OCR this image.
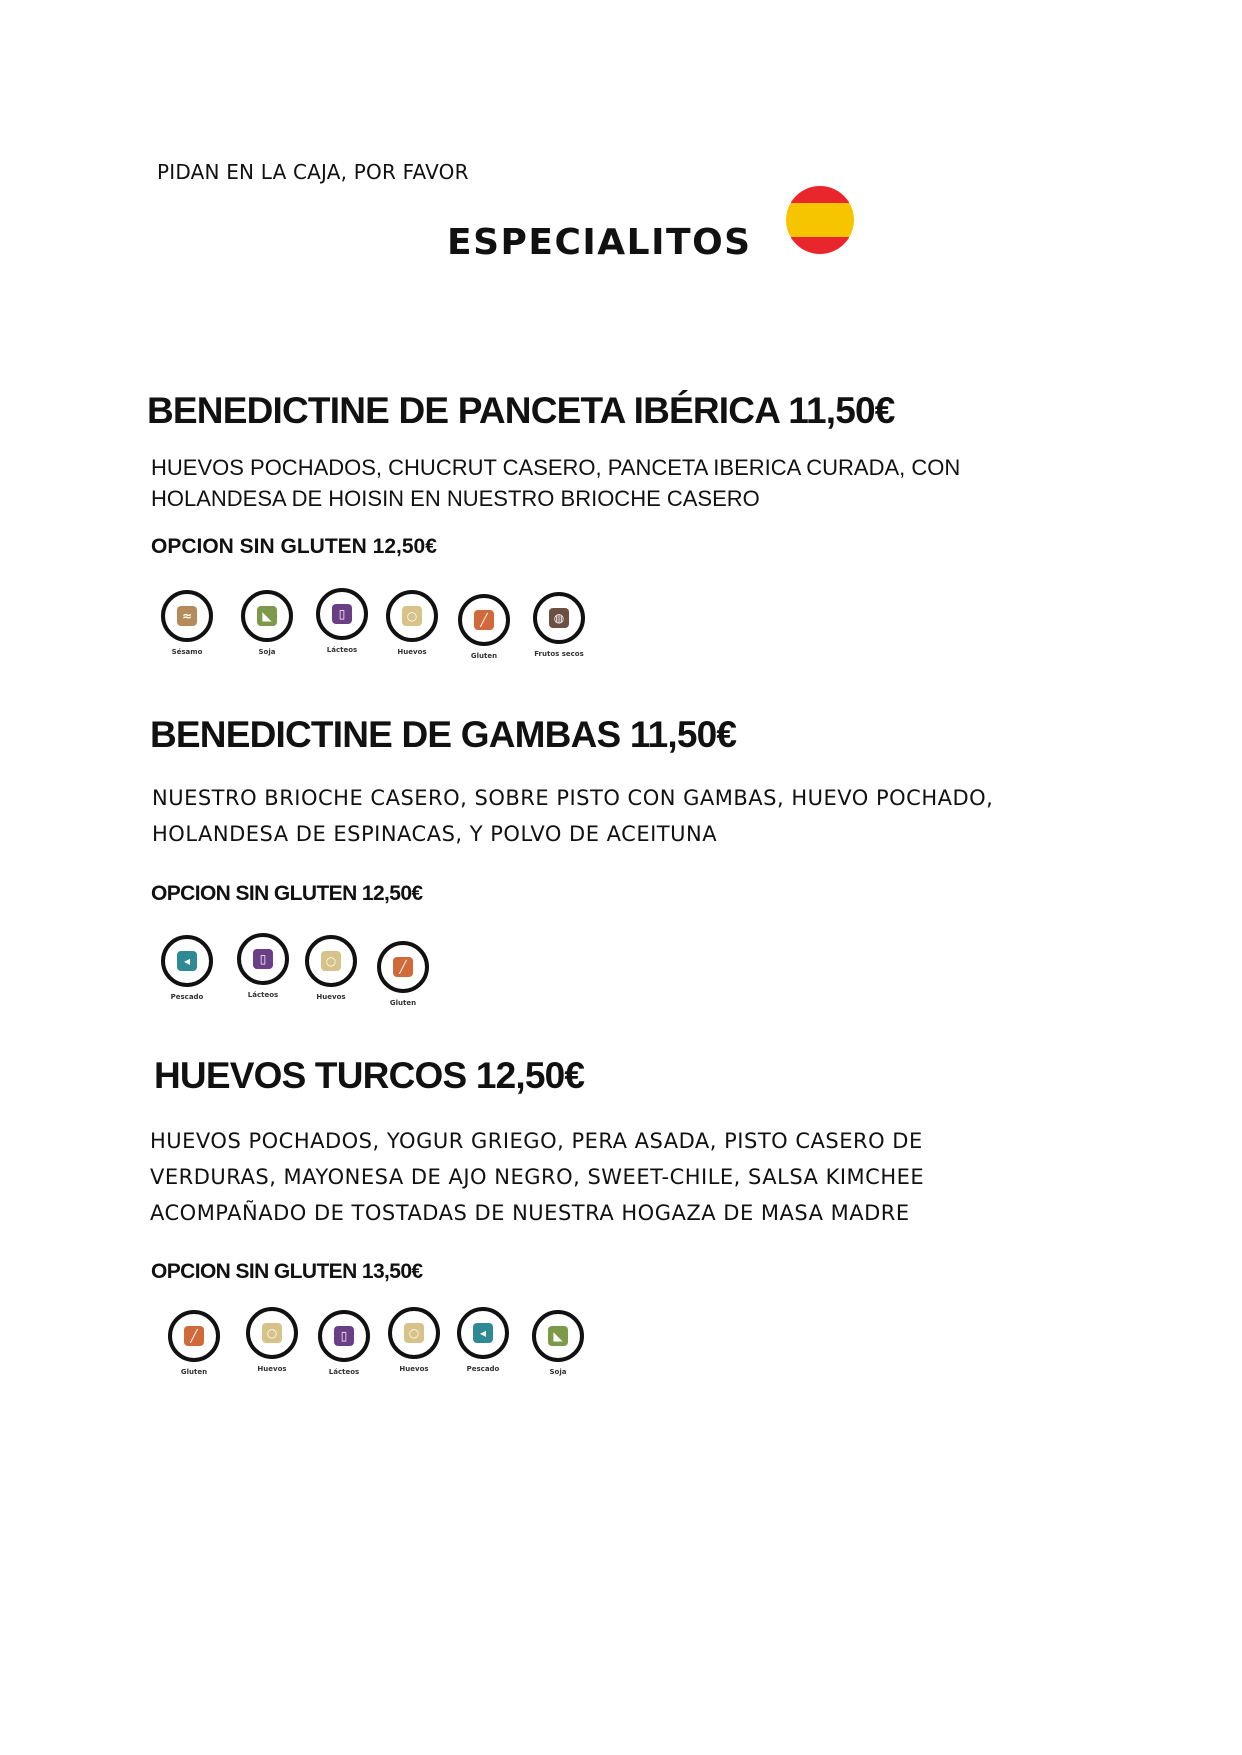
PIDAN EN LA CAJA, POR FAVOR
ESPECIALITOS
BENEDICTINE DE PANCETA IBÉRICA 11,50€
HUEVOS POCHADOS, CHUCRUT CASERO, PANCETA IBERICA CURADA, CON
HOLANDESA DE HOISIN EN NUESTRO BRIOCHE CASERO
OPCION SIN GLUTEN 12,50€
≈
Sésamo
◣
Soja
▯
Lácteos
○
Huevos
╱
Gluten
◍
Frutos secos
BENEDICTINE DE GAMBAS 11,50€
NUESTRO BRIOCHE CASERO, SOBRE PISTO CON GAMBAS, HUEVO POCHADO,
HOLANDESA DE ESPINACAS, Y POLVO DE ACEITUNA
OPCION SIN GLUTEN 12,50€
◂
Pescado
▯
Lácteos
○
Huevos
╱
Gluten
HUEVOS TURCOS 12,50€
HUEVOS POCHADOS, YOGUR GRIEGO, PERA ASADA, PISTO CASERO DE
VERDURAS, MAYONESA DE AJO NEGRO, SWEET-CHILE, SALSA KIMCHEE
ACOMPAÑADO DE TOSTADAS DE NUESTRA HOGAZA DE MASA MADRE
OPCION SIN GLUTEN 13,50€
╱
Gluten
○
Huevos
▯
Lácteos
○
Huevos
◂
Pescado
◣
Soja
